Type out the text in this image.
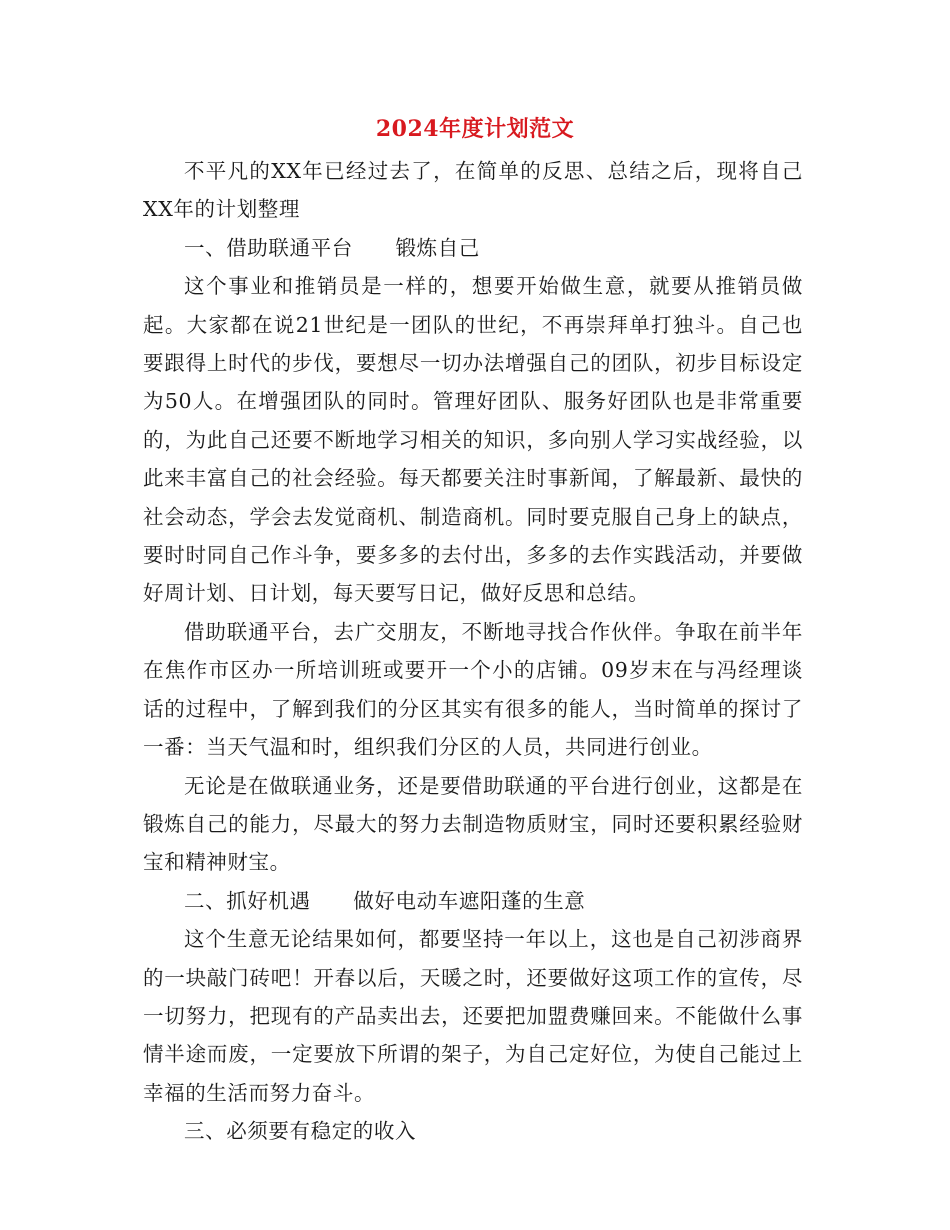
2024年度计划范文

不平凡的XX年已经过去了，在简单的反思、总结之后，现将自己XX年的计划整理

一、借助联通平台      锻炼自己

这个事业和推销员是一样的，想要开始做生意，就要从推销员做起。大家都在说21世纪是一团队的世纪，不再崇拜单打独斗。自己也要跟得上时代的步伐，要想尽一切办法增强自己的团队，初步目标设定为50人。在增强团队的同时。管理好团队、服务好团队也是非常重要的，为此自己还要不断地学习相关的知识，多向别人学习实战经验，以此来丰富自己的社会经验。每天都要关注时事新闻，了解最新、最快的社会动态，学会去发觉商机、制造商机。同时要克服自己身上的缺点，要时时同自己作斗争，要多多的去付出，多多的去作实践活动，并要做好周计划、日计划，每天要写日记，做好反思和总结。

借助联通平台，去广交朋友，不断地寻找合作伙伴。争取在前半年在焦作市区办一所培训班或要开一个小的店铺。09岁末在与冯经理谈话的过程中，了解到我们的分区其实有很多的能人，当时简单的探讨了一番：当天气温和时，组织我们分区的人员，共同进行创业。

无论是在做联通业务，还是要借助联通的平台进行创业，这都是在锻炼自己的能力，尽最大的努力去制造物质财宝，同时还要积累经验财宝和精神财宝。

二、抓好机遇      做好电动车遮阳蓬的生意

这个生意无论结果如何，都要坚持一年以上，这也是自己初涉商界的一块敲门砖吧！开春以后，天暖之时，还要做好这项工作的宣传，尽一切努力，把现有的产品卖出去，还要把加盟费赚回来。不能做什么事情半途而废，一定要放下所谓的架子，为自己定好位，为使自己能过上幸福的生活而努力奋斗。

三、必须要有稳定的收入
